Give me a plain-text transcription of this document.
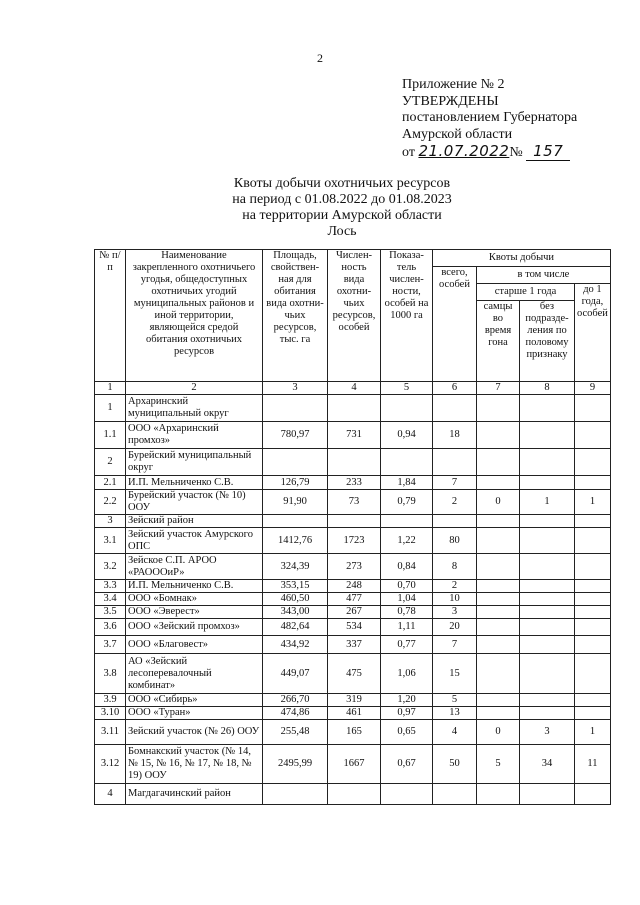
2
Приложение № 2
УТВЕРЖДЕНЫ
постановлением Губернатора
Амурской области
от 21.07.2022№ 157
Квоты добычи охотничьих ресурсов
на период с 01.08.2022 до 01.08.2023
на территории Амурской области
Лось
№ п/п	Наименование закрепленного охотничьего угодья, общедоступных охотничьих угодий муниципальных районов и иной территории, являющейся средой обитания охотничьих ресурсов	Площадь, свойствен-ная для обитания вида охотни-чьих ресурсов, тыс. га	Числен-ность вида охотни-чьих ресурсов, особей	Показа-тель числен-ности, особей на 1000 га	Квоты добычи			
					всего, особей	в том числе		
						старше 1 года		до 1 года, особей
						самцы во время гона	без подразде-ления по половому признаку	
1	2	3	4	5	6	7	8	9
1	Архаринский муниципальный округ							
1.1	ООО «Архаринский промхоз»	780,97	731	0,94	18			
2	Бурейский муниципальный округ							
2.1	И.П. Мельниченко С.В.	126,79	233	1,84	7			
2.2	Бурейский участок (№ 10) ООУ	91,90	73	0,79	2	0	1	1
3	Зейский район							
3.1	Зейский участок Амурского ОПС	1412,76	1723	1,22	80			
3.2	Зейское С.П. АРОО «РАОООиР»	324,39	273	0,84	8			
3.3	И.П. Мельниченко С.В.	353,15	248	0,70	2			
3.4	ООО «Бомнак»	460,50	477	1,04	10			
3.5	ООО «Эверест»	343,00	267	0,78	3			
3.6	ООО «Зейский промхоз»	482,64	534	1,11	20			
3.7	ООО «Благовест»	434,92	337	0,77	7			
3.8	АО «Зейский лесоперевалочный комбинат»	449,07	475	1,06	15			
3.9	ООО «Сибирь»	266,70	319	1,20	5			
3.10	ООО «Туран»	474,86	461	0,97	13			
3.11	Зейский участок (№ 26) ООУ	255,48	165	0,65	4	0	3	1
3.12	Бомнакский участок (№ 14, № 15, № 16, № 17, № 18, № 19) ООУ	2495,99	1667	0,67	50	5	34	11
4	Магдагачинский район							
